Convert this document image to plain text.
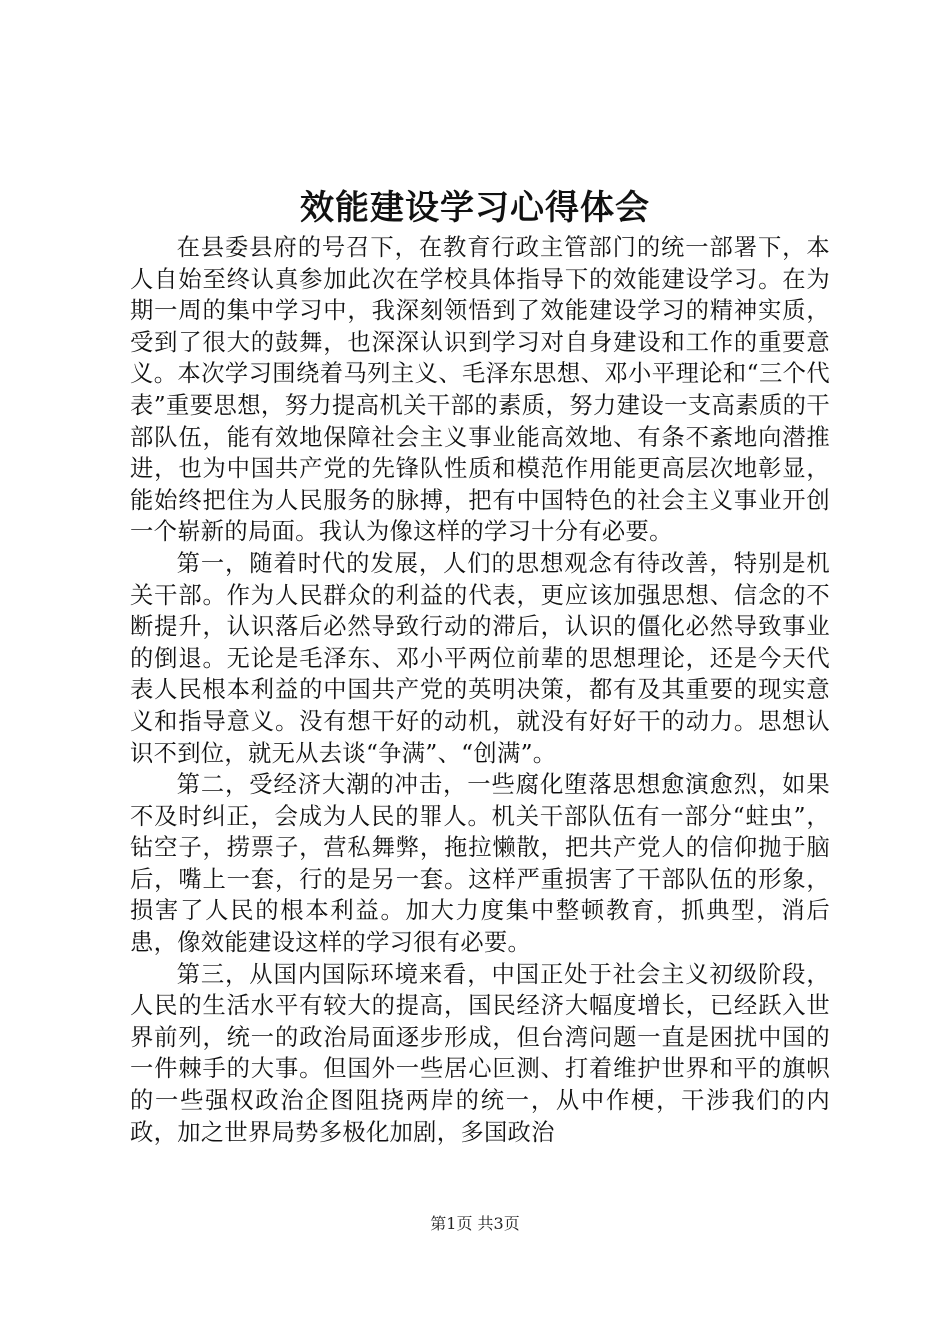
效能建设学习心得体会

在县委县府的号召下，在教育行政主管部门的统一部署下，本人自始至终认真参加此次在学校具体指导下的效能建设学习。在为期一周的集中学习中，我深刻领悟到了效能建设学习的精神实质，受到了很大的鼓舞，也深深认识到学习对自身建设和工作的重要意义。本次学习围绕着马列主义、毛泽东思想、邓小平理论和“三个代表”重要思想，努力提高机关干部的素质，努力建设一支高素质的干部队伍，能有效地保障社会主义事业能高效地、有条不紊地向潜推进，也为中国共产党的先锋队性质和模范作用能更高层次地彰显，能始终把住为人民服务的脉搏，把有中国特色的社会主义事业开创一个崭新的局面。我认为像这样的学习十分有必要。

第一，随着时代的发展，人们的思想观念有待改善，特别是机关干部。作为人民群众的利益的代表，更应该加强思想、信念的不断提升，认识落后必然导致行动的滞后，认识的僵化必然导致事业的倒退。无论是毛泽东、邓小平两位前辈的思想理论，还是今天代表人民根本利益的中国共产党的英明决策，都有及其重要的现实意义和指导意义。没有想干好的动机，就没有好好干的动力。思想认识不到位，就无从去谈“争满”、“创满”。

第二，受经济大潮的冲击，一些腐化堕落思想愈演愈烈，如果不及时纠正，会成为人民的罪人。机关干部队伍有一部分“蛀虫”，钻空子，捞票子，营私舞弊，拖拉懒散，把共产党人的信仰抛于脑后，嘴上一套，行的是另一套。这样严重损害了干部队伍的形象，损害了人民的根本利益。加大力度集中整顿教育，抓典型，消后患，像效能建设这样的学习很有必要。

第三，从国内国际环境来看，中国正处于社会主义初级阶段，人民的生活水平有较大的提高，国民经济大幅度增长，已经跃入世界前列，统一的政治局面逐步形成，但台湾问题一直是困扰中国的一件棘手的大事。但国外一些居心叵测、打着维护世界和平的旗帜的一些强权政治企图阻挠两岸的统一，从中作梗，干涉我们的内政，加之世界局势多极化加剧，多国政治

第1页 共3页
